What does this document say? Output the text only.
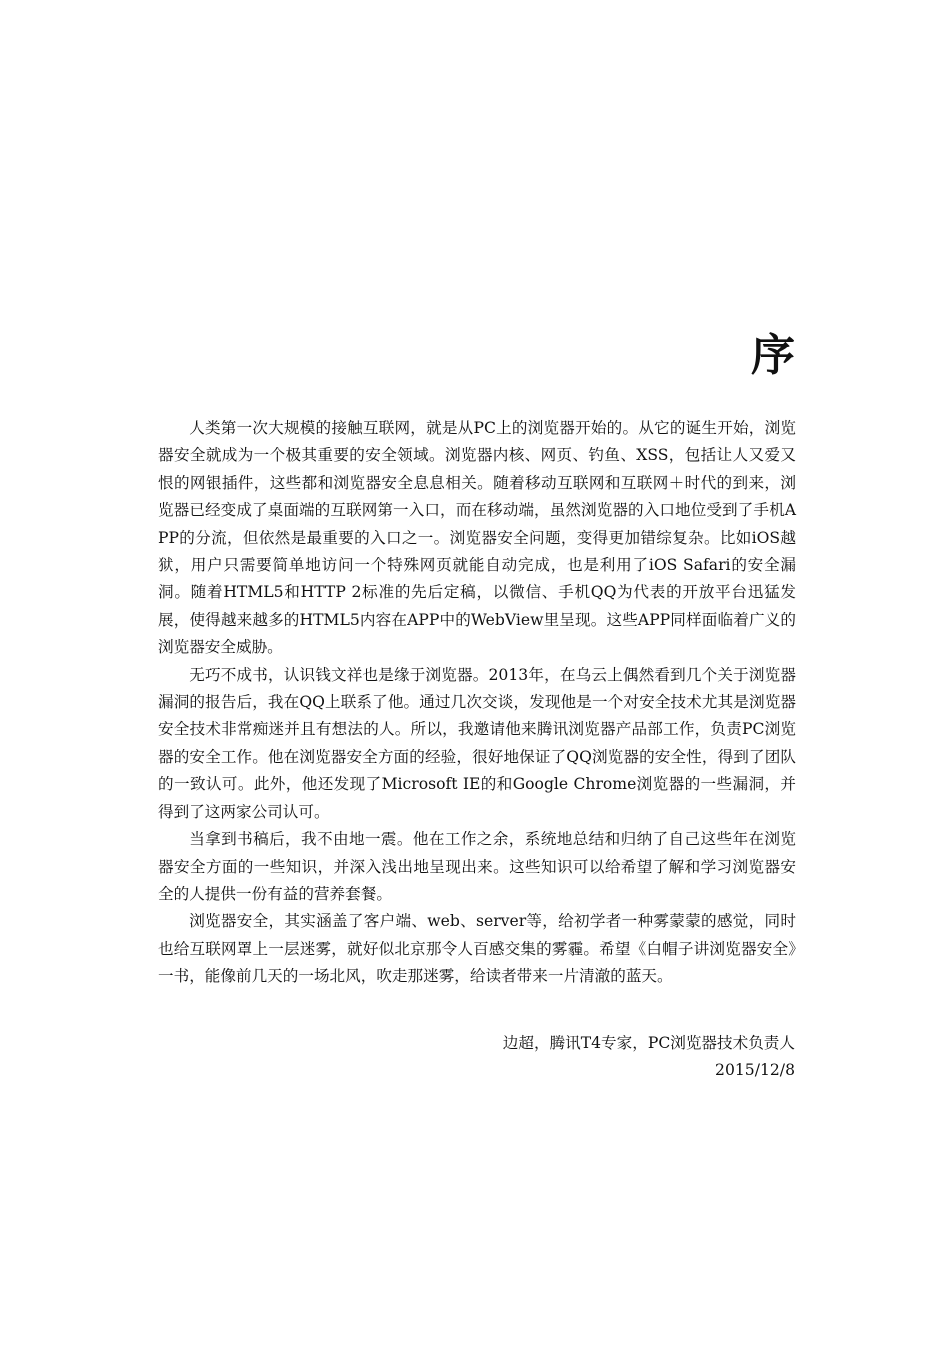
序

人类第一次大规模的接触互联网，就是从PC上的浏览器开始的。从它的诞生开始，浏览器安全就成为一个极其重要的安全领域。浏览器内核、网页、钓鱼、XSS，包括让人又爱又恨的网银插件，这些都和浏览器安全息息相关。随着移动互联网和互联网＋时代的到来，浏览器已经变成了桌面端的互联网第一入口，而在移动端，虽然浏览器的入口地位受到了手机APP的分流，但依然是最重要的入口之一。浏览器安全问题，变得更加错综复杂。比如iOS越狱，用户只需要简单地访问一个特殊网页就能自动完成，也是利用了iOS Safari的安全漏洞。随着HTML5和HTTP 2标准的先后定稿，以微信、手机QQ为代表的开放平台迅猛发展，使得越来越多的HTML5内容在APP中的WebView里呈现。这些APP同样面临着广义的浏览器安全威胁。

无巧不成书，认识钱文祥也是缘于浏览器。2013年，在乌云上偶然看到几个关于浏览器漏洞的报告后，我在QQ上联系了他。通过几次交谈，发现他是一个对安全技术尤其是浏览器安全技术非常痴迷并且有想法的人。所以，我邀请他来腾讯浏览器产品部工作，负责PC浏览器的安全工作。他在浏览器安全方面的经验，很好地保证了QQ浏览器的安全性，得到了团队的一致认可。此外，他还发现了Microsoft IE的和Google Chrome浏览器的一些漏洞，并得到了这两家公司认可。

当拿到书稿后，我不由地一震。他在工作之余，系统地总结和归纳了自己这些年在浏览器安全方面的一些知识，并深入浅出地呈现出来。这些知识可以给希望了解和学习浏览器安全的人提供一份有益的营养套餐。

浏览器安全，其实涵盖了客户端、web、server等，给初学者一种雾蒙蒙的感觉，同时也给互联网罩上一层迷雾，就好似北京那令人百感交集的雾霾。希望《白帽子讲浏览器安全》一书，能像前几天的一场北风，吹走那迷雾，给读者带来一片清澈的蓝天。

边超，腾讯T4专家，PC浏览器技术负责人
2015/12/8
